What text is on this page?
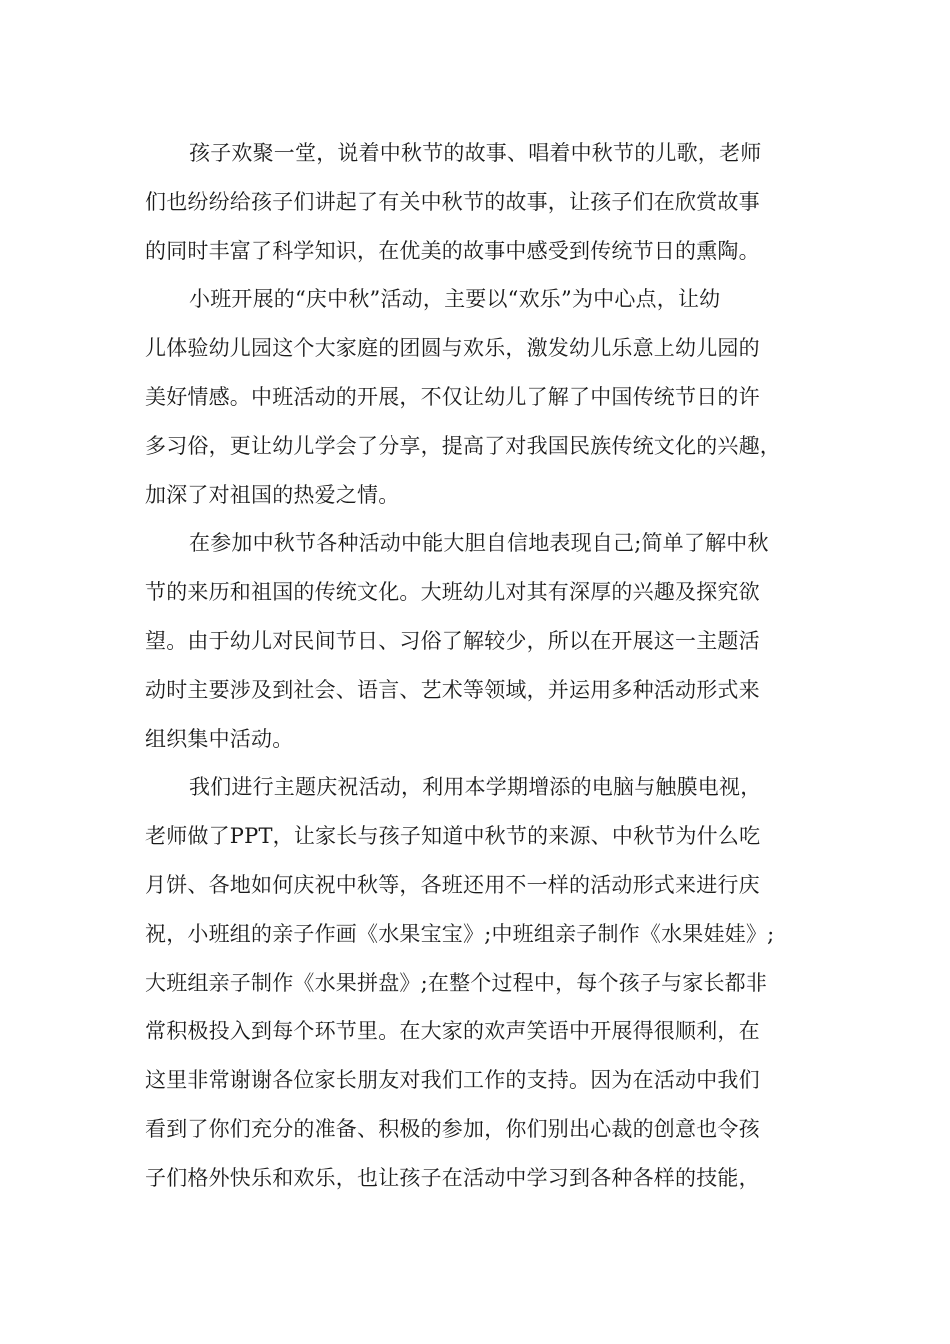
孩子欢聚一堂，说着中秋节的故事、唱着中秋节的儿歌，老师
们也纷纷给孩子们讲起了有关中秋节的故事，让孩子们在欣赏故事
的同时丰富了科学知识，在优美的故事中感受到传统节日的熏陶。

小班开展的“庆中秋”活动，主要以“欢乐”为中心点，让幼
儿体验幼儿园这个大家庭的团圆与欢乐，激发幼儿乐意上幼儿园的
美好情感。中班活动的开展，不仅让幼儿了解了中国传统节日的许
多习俗，更让幼儿学会了分享，提高了对我国民族传统文化的兴趣，
加深了对祖国的热爱之情。

在参加中秋节各种活动中能大胆自信地表现自己;简单了解中秋
节的来历和祖国的传统文化。大班幼儿对其有深厚的兴趣及探究欲
望。由于幼儿对民间节日、习俗了解较少，所以在开展这一主题活
动时主要涉及到社会、语言、艺术等领域，并运用多种活动形式来
组织集中活动。

我们进行主题庆祝活动，利用本学期增添的电脑与触膜电视，
老师做了PPT，让家长与孩子知道中秋节的来源、中秋节为什么吃
月饼、各地如何庆祝中秋等，各班还用不一样的活动形式来进行庆
祝，小班组的亲子作画《水果宝宝》;中班组亲子制作《水果娃娃》;
大班组亲子制作《水果拼盘》;在整个过程中，每个孩子与家长都非
常积极投入到每个环节里。在大家的欢声笑语中开展得很顺利，在
这里非常谢谢各位家长朋友对我们工作的支持。因为在活动中我们
看到了你们充分的准备、积极的参加，你们别出心裁的创意也令孩
子们格外快乐和欢乐，也让孩子在活动中学习到各种各样的技能，
